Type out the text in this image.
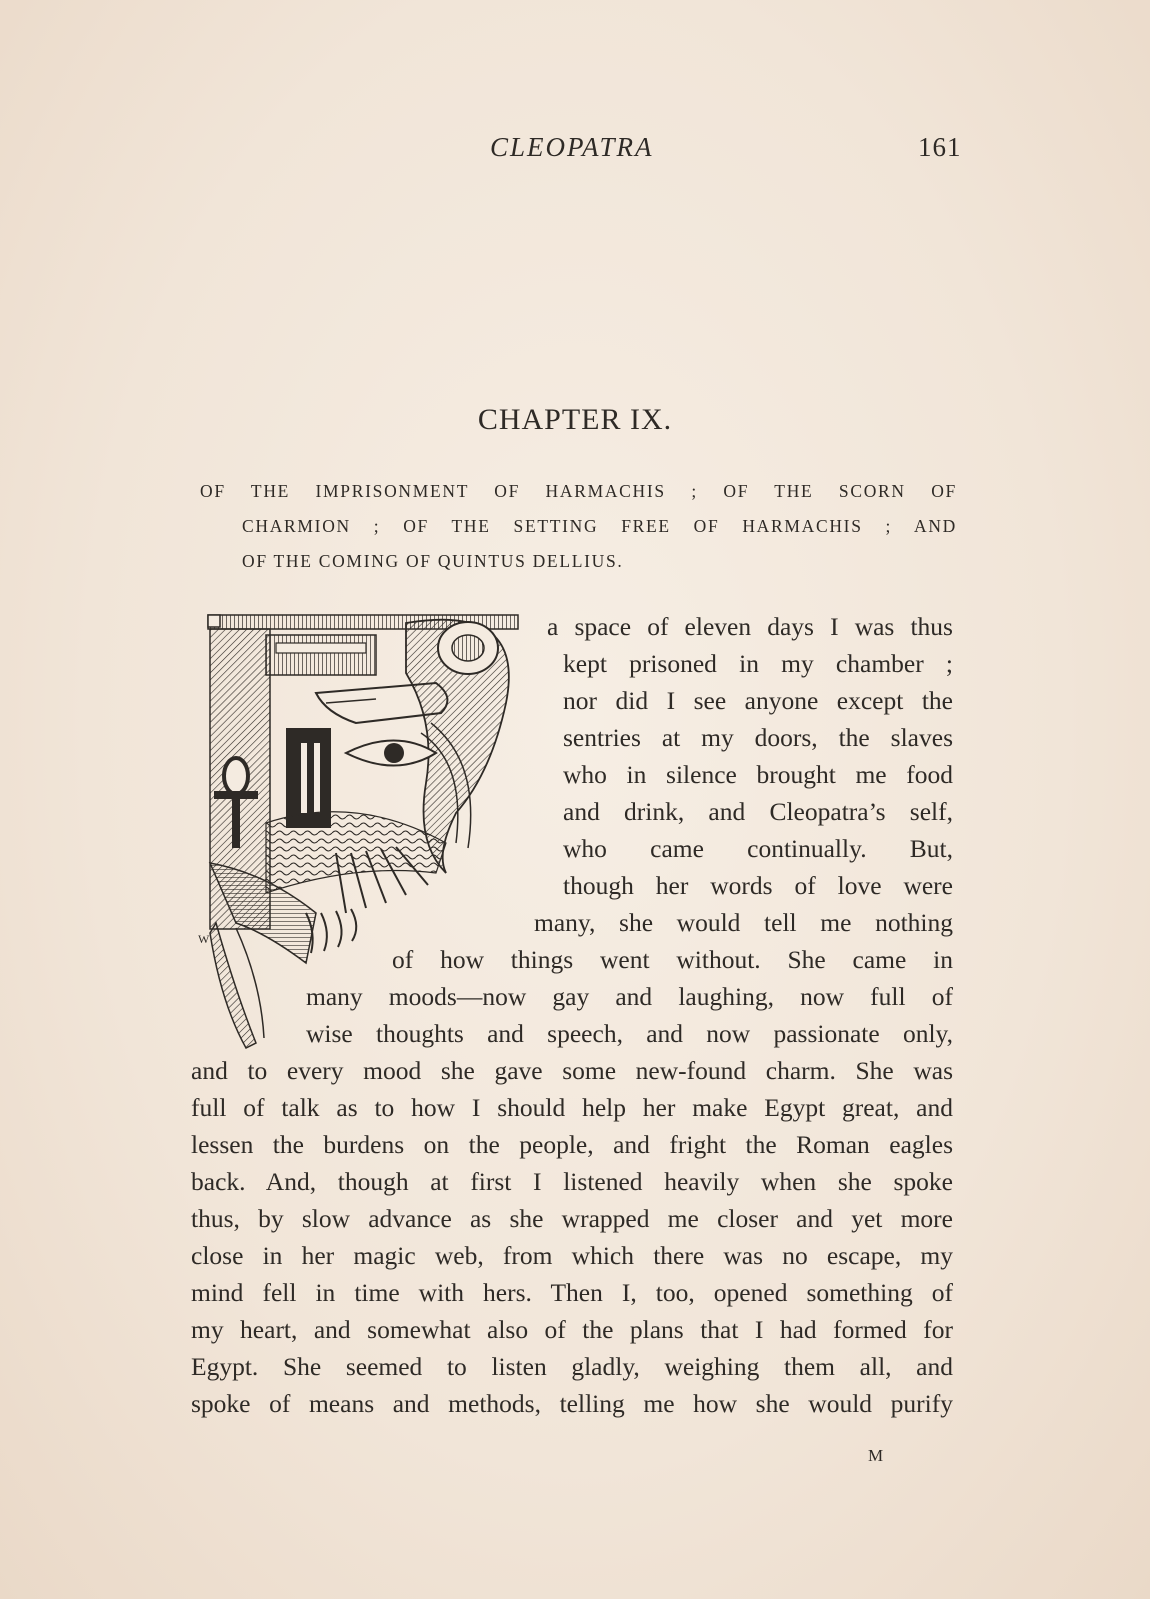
CLEOPATRA	161
CHAPTER IX.
OF THE IMPRISONMENT OF HARMACHIS ; OF THE SCORN OF
CHARMION ; OF THE SETTING FREE OF HARMACHIS ; AND
OF THE COMING OF QUINTUS DELLIUS.
W
a space of eleven days I was thus
kept prisoned in my chamber ;
nor did I see anyone except the
sentries at my doors, the slaves
who in silence brought me food
and drink, and Cleopatra’s self,
who came continually. But,
though her words of love were
many, she would tell me nothing
of how things went without. She came in
many moods—now gay and laughing, now full of
wise thoughts and speech, and now passionate only,
and to every mood she gave some new-found charm. She was
full of talk as to how I should help her make Egypt great, and
lessen the burdens on the people, and fright the Roman eagles
back. And, though at first I listened heavily when she spoke
thus, by slow advance as she wrapped me closer and yet more
close in her magic web, from which there was no escape, my
mind fell in time with hers. Then I, too, opened something of
my heart, and somewhat also of the plans that I had formed for
Egypt. She seemed to listen gladly, weighing them all, and
spoke of means and methods, telling me how she would purify
M
